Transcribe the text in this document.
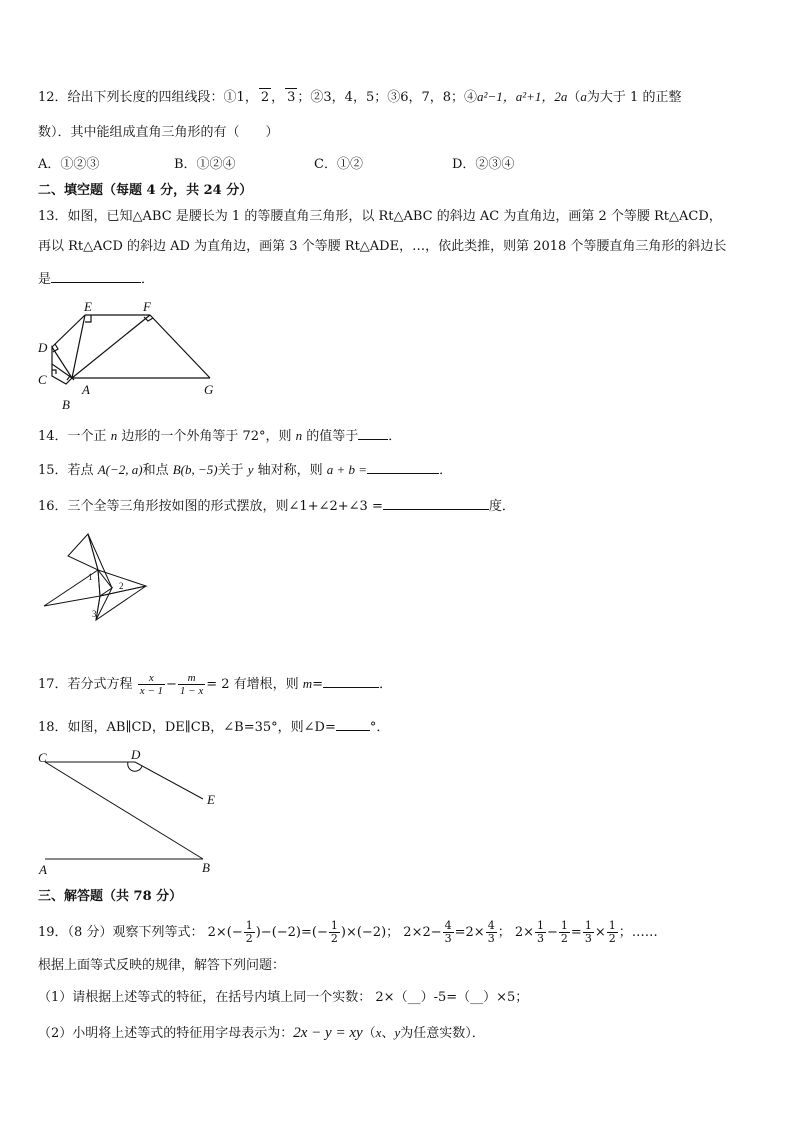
12．给出下列长度的四组线段：①1， 2 ， 3 ；②3，4，5；③6，7，8；④a²−1，a²+1，2a（a为大于 1 的正整
数）．其中能组成直角三角形的有（　　）
A．①②③	B．①②④	C．①②	D．②③④
二、填空题（每题 4 分，共 24 分）
13．如图，已知△ABC 是腰长为 1 的等腰直角三角形，以 Rt△ABC 的斜边 AC 为直角边，画第 2 个等腰 Rt△ACD，
再以 Rt△ACD 的斜边 AD 为直角边，画第 3 个等腰 Rt△ADE，…，依此类推，则第 2018 个等腰直角三角形的斜边长
是	．
E	F
D
C
A	G
B
14．一个正 n 边形的一个外角等于 72°，则 n 的值等于 ．
15．若点 A(−2, a)和点 B(b, −5)关于 y 轴对称，则 a + b =	．
16．三个全等三角形按如图的形式摆放，则∠1+∠2+∠3 =	度．
1
2
3
17．若分式方程 $\frac{x}{x - 1} - \frac{m}{1 - x} = 2$ 有增根，则 m=	．
18．如图，AB∥CD，DE∥CB，∠B=35°，则∠D=	°．
C	D
E
A	B
三、解答题（共 78 分）
19．（8 分）观察下列等式： $2\times(- \frac{1}{2} )-(-2)=(- \frac{1}{2} )\times(-2)$； $2\times 2- \frac{4}{3} =2\times \frac{4}{3}$ ； $2\times \frac{1}{3} - \frac{1}{2} = \frac{1}{3} \times \frac{1}{2}$ ；……
根据上面等式反映的规律，解答下列问题：
（1）请根据上述等式的特征，在括号内填上同一个实数： 2×（__）-5=（__）×5；
（2）小明将上述等式的特征用字母表示为：2x − y = xy（x、y为任意实数）．
